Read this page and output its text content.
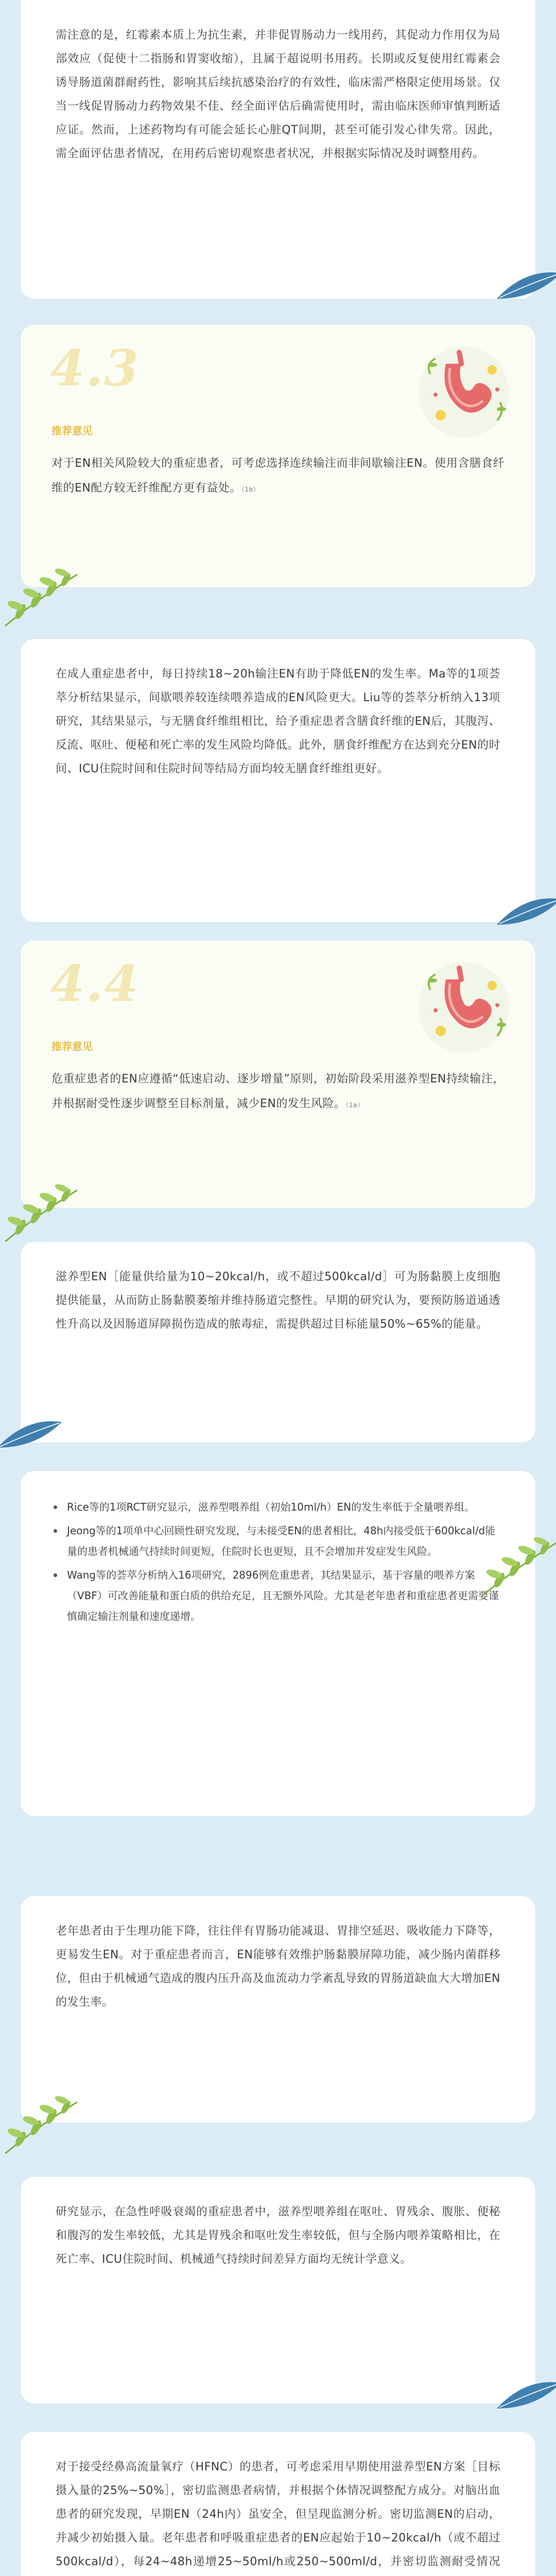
需注意的是，红霉素本质上为抗生素，并非促胃肠动力一线用药，其促动力作用仅为局部效应（促使十二指肠和胃窦收缩），且属于超说明书用药。长期或反复使用红霉素会诱导肠道菌群耐药性，影响其后续抗感染治疗的有效性，临床需严格限定使用场景。仅当一线促胃肠动力药物效果不佳、经全面评估后确需使用时，需由临床医师审慎判断适应证。然而，上述药物均有可能会延长心脏QT间期，甚至可能引发心律失常。因此，需全面评估患者情况，在用药后密切观察患者状况，并根据实际情况及时调整用药。

4.3
推荐意见

对于EN相关风险较大的重症患者，可考虑选择连续输注而非间歇输注EN。使用含膳食纤维的EN配方较无纤维配方更有益处。（1b）

在成人重症患者中，每日持续18~20h输注EN有助于降低EN的发生率。Ma等的1项荟萃分析结果显示，间歇喂养较连续喂养造成的EN风险更大。Liu等的荟萃分析纳入13项研究，其结果显示，与无膳食纤维组相比，给予重症患者含膳食纤维的EN后，其腹泻、反流、呕吐、便秘和死亡率的发生风险均降低。此外，膳食纤维配方在达到充分EN的时间、ICU住院时间和住院时间等结局方面均较无膳食纤维组更好。

4.4
推荐意见

危重症患者的EN应遵循“低速启动、逐步增量”原则，初始阶段采用滋养型EN持续输注，并根据耐受性逐步调整至目标剂量，减少EN的发生风险。（1a）

滋养型EN［能量供给量为10~20kcal/h，或不超过500kcal/d］可为肠黏膜上皮细胞提供能量，从而防止肠黏膜萎缩并维持肠道完整性。早期的研究认为，要预防肠道通透性升高以及因肠道屏障损伤造成的脓毒症，需提供超过目标能量50%~65%的能量。

Rice等的1项RCT研究显示，滋养型喂养组（初始10ml/h）EN的发生率低于全量喂养组。
Jeong等的1项单中心回顾性研究发现，与未接受EN的患者相比，48h内接受低于600kcal/d能量的患者机械通气持续时间更短，住院时长也更短，且不会增加并发症发生风险。
Wang等的荟萃分析纳入16项研究，2896例危重患者，其结果显示，基于容量的喂养方案（VBF）可改善能量和蛋白质的供给充足，且无额外风险。尤其是老年患者和重症患者更需要谨慎确定输注剂量和速度递增。

老年患者由于生理功能下降，往往伴有胃肠功能减退、胃排空延迟、吸收能力下降等，更易发生EN。对于重症患者而言，EN能够有效维护肠黏膜屏障功能，减少肠内菌群移位，但由于机械通气造成的腹内压升高及血流动力学紊乱导致的胃肠道缺血大大增加EN的发生率。

研究显示，在急性呼吸衰竭的重症患者中，滋养型喂养组在呕吐、胃残余、腹胀、便秘和腹泻的发生率较低，尤其是胃残余和呕吐发生率较低，但与全肠内喂养策略相比，在死亡率、ICU住院时间、机械通气持续时间差异方面均无统计学意义。

对于接受经鼻高流量氧疗（HFNC）的患者，可考虑采用早期使用滋养型EN方案［目标摄入量的25%~50%］，密切监测患者病情，并根据个体情况调整配方成分。对脑出血患者的研究发现，早期EN（24h内）虽安全，但呈现监测分析。密切监测EN的启动，并减少初始摄入量。老年患者和呼吸重症患者的EN应起始于10~20kcal/h（或不超过500kcal/d），每24~48h递增25~50ml/h或250~500ml/d，并密切监测耐受情况
